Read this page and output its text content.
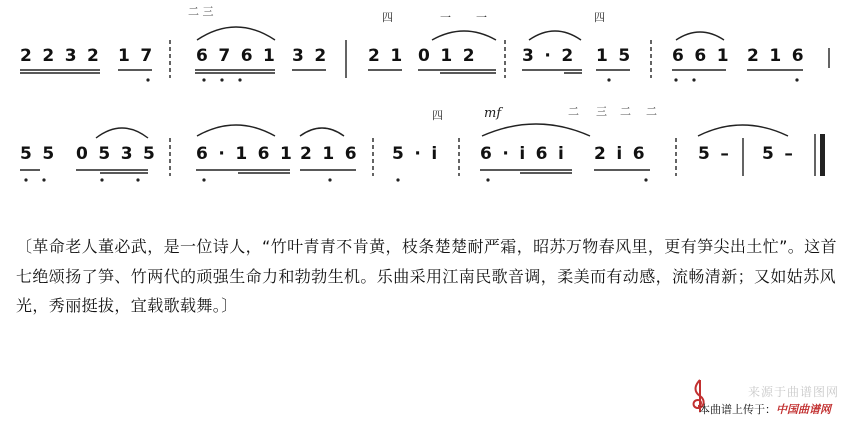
2 2 3 2 1 7 6 7 6 1 3 2 2 1 0 1 2	3 · 2 1 5 6 6 1 2 1 6
二 三	四	一 一	四
5 5 0 5 3 5 6 · 1 6 1 2 1 6 5 · i 6 · i 6 i 2 i 6	5 – 5 –
四	mf	二 三 二 二
〔革命老人董必武，是一位诗人，“竹叶青青不肯黄，枝条楚楚耐严霜，昭苏万物春风里，更有笋尖出土忙”。这首七绝颂扬了笋、竹两代的顽强生命力和勃勃生机。乐曲采用江南民歌音调，柔美而有动感，流畅清新；又如姑苏风光，秀丽挺拔，宜载歌载舞。〕
来源于曲谱图网
本曲谱上传于：中国曲谱网
